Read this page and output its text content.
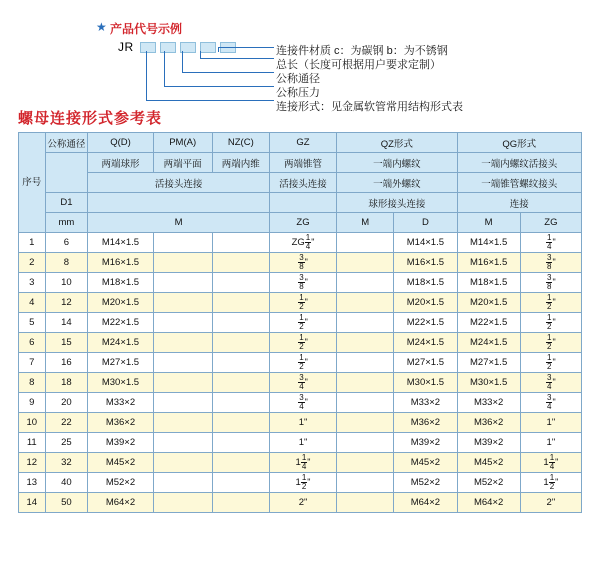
★ 产品代号示例
JR	连接件材质 c：为碳钢 b：为不锈钢
总长（长度可根据用户要求定制）
公称通径
公称压力
连接形式：见金属软管常用结构形式表
螺母连接形式参考表
序号	公称通径	Q(D)	PM(A)	NZ(C)	GZ	QZ形式		QG形式	
		两端球形	两端平面	两端内维	两端锥管	一端内螺纹		一端内螺纹活接头	
		活接头连接			活接头连接	一端外螺纹		一端锥管螺纹接头	
	D1					球形接头连接		连接	
	mm	M			ZG	M	D	M	ZG
1	6	M14×1.5			ZG $\frac{1}{4}$ "		M14×1.5	M14×1.5	$\frac{1}{4}$ "
2	8	M16×1.5			$\frac{3}{8}$ "		M16×1.5	M16×1.5	$\frac{3}{8}$ "
3	10	M18×1.5			$\frac{3}{8}$ "		M18×1.5	M18×1.5	$\frac{3}{8}$ "
4	12	M20×1.5			$\frac{1}{2}$ "		M20×1.5	M20×1.5	$\frac{1}{2}$ "
5	14	M22×1.5			$\frac{1}{2}$ "		M22×1.5	M22×1.5	$\frac{1}{2}$ "
6	15	M24×1.5			$\frac{1}{2}$ "		M24×1.5	M24×1.5	$\frac{1}{2}$ "
7	16	M27×1.5			$\frac{1}{2}$ "		M27×1.5	M27×1.5	$\frac{1}{2}$ "
8	18	M30×1.5			$\frac{3}{4}$ "		M30×1.5	M30×1.5	$\frac{3}{4}$ "
9	20	M33×2			$\frac{3}{4}$ "		M33×2	M33×2	$\frac{3}{4}$ "
10	22	M36×2			1"		M36×2	M36×2	1"
11	25	M39×2			1"		M39×2	M39×2	1"
12	32	M45×2			$1 \frac{1}{4}$ "		M45×2	M45×2	$1 \frac{1}{4}$ "
13	40	M52×2			$1 \frac{1}{2}$ "		M52×2	M52×2	$1 \frac{1}{2}$ "
14	50	M64×2			2"		M64×2	M64×2	2"
